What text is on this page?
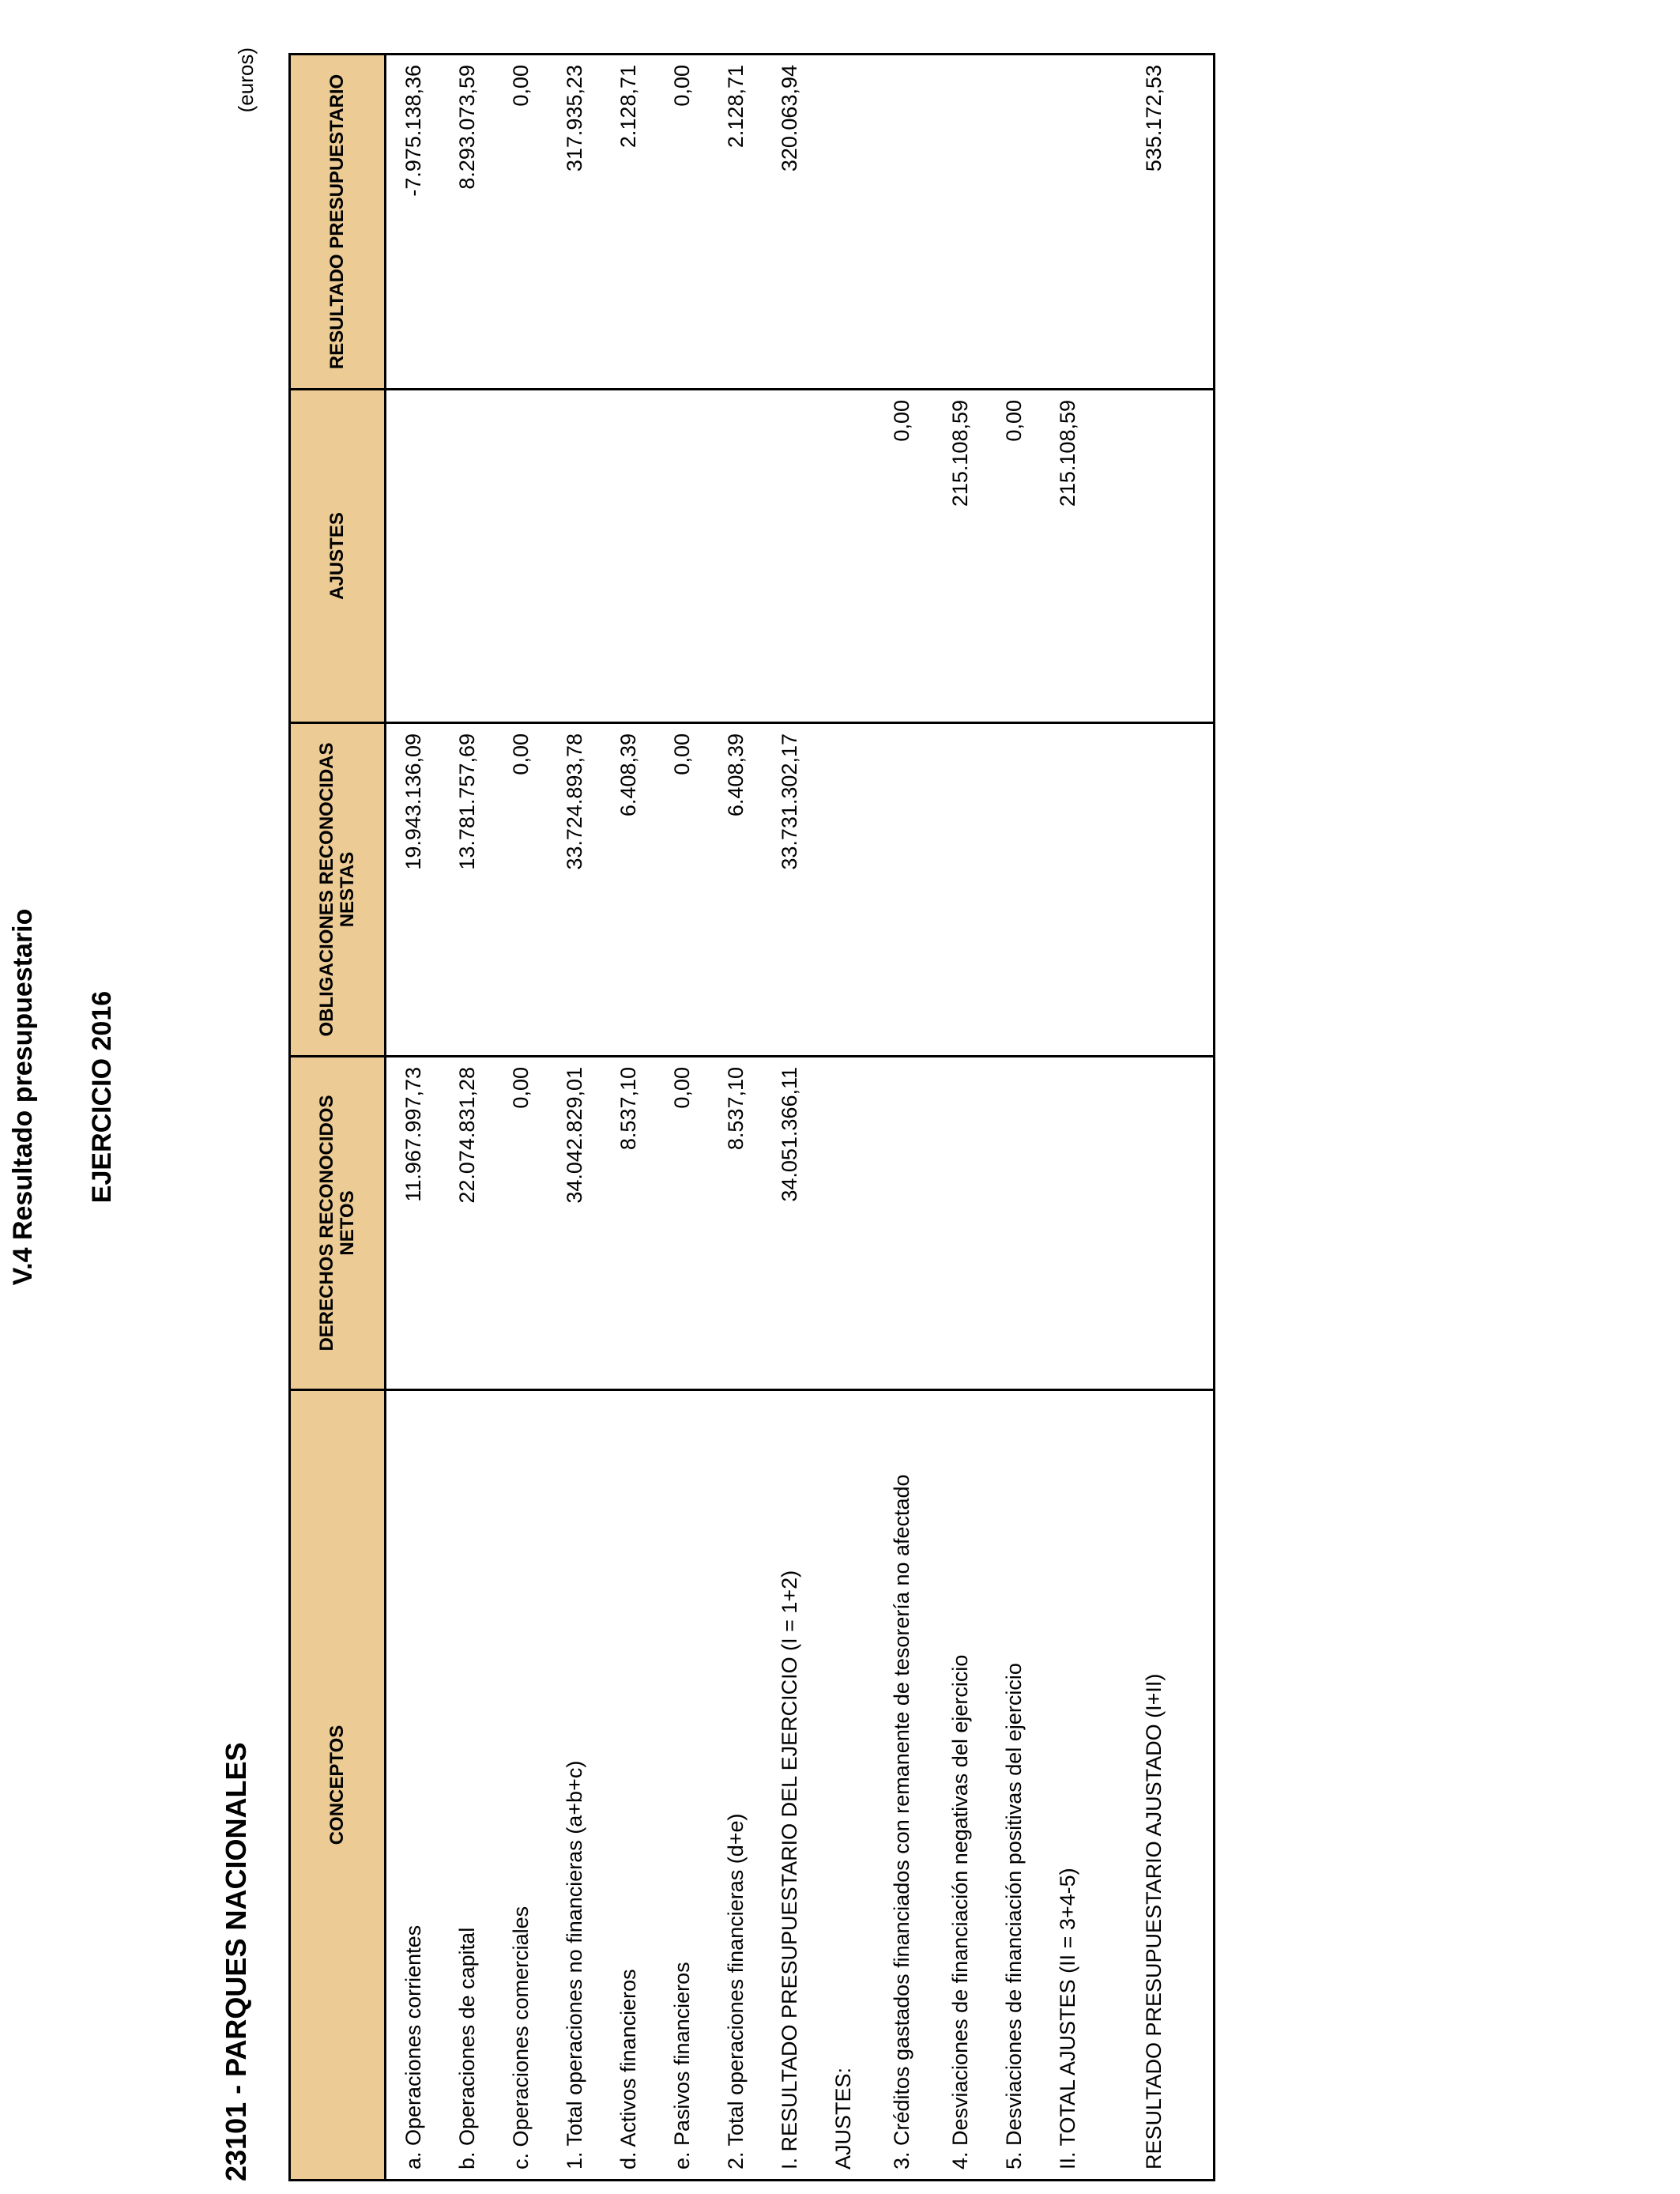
V.4 Resultado presupuestario EJERCICIO 2016
23101 - PARQUES NACIONALES
(euros)
CONCEPTOS	DERECHOS RECONOCIDOS NETOS	OBLIGACIONES RECONOCIDAS NESTAS	AJUSTES	RESULTADO PRESUPUESTARIO
a. Operaciones corrientes	11.967.997,73	19.943.136,09		-7.975.138,36
b. Operaciones de capital	22.074.831,28	13.781.757,69		8.293.073,59
c. Operaciones comerciales	0,00	0,00		0,00
1. Total operaciones no financieras (a+b+c)	34.042.829,01	33.724.893,78		317.935,23
d. Activos financieros	8.537,10	6.408,39		2.128,71
e. Pasivos financieros	0,00	0,00		0,00
2. Total operaciones financieras (d+e)	8.537,10	6.408,39		2.128,71
I. RESULTADO PRESUPUESTARIO DEL EJERCICIO (I = 1+2)	34.051.366,11	33.731.302,17		320.063,94
AJUSTES:				
3. Créditos gastados financiados con remanente de tesorería no afectado			0,00	
4. Desviaciones de financiación negativas del ejercicio			215.108,59	
5. Desviaciones de financiación positivas del ejercicio			0,00	
II. TOTAL AJUSTES (II = 3+4-5)			215.108,59	
RESULTADO PRESUPUESTARIO AJUSTADO (I+II)				535.172,53
